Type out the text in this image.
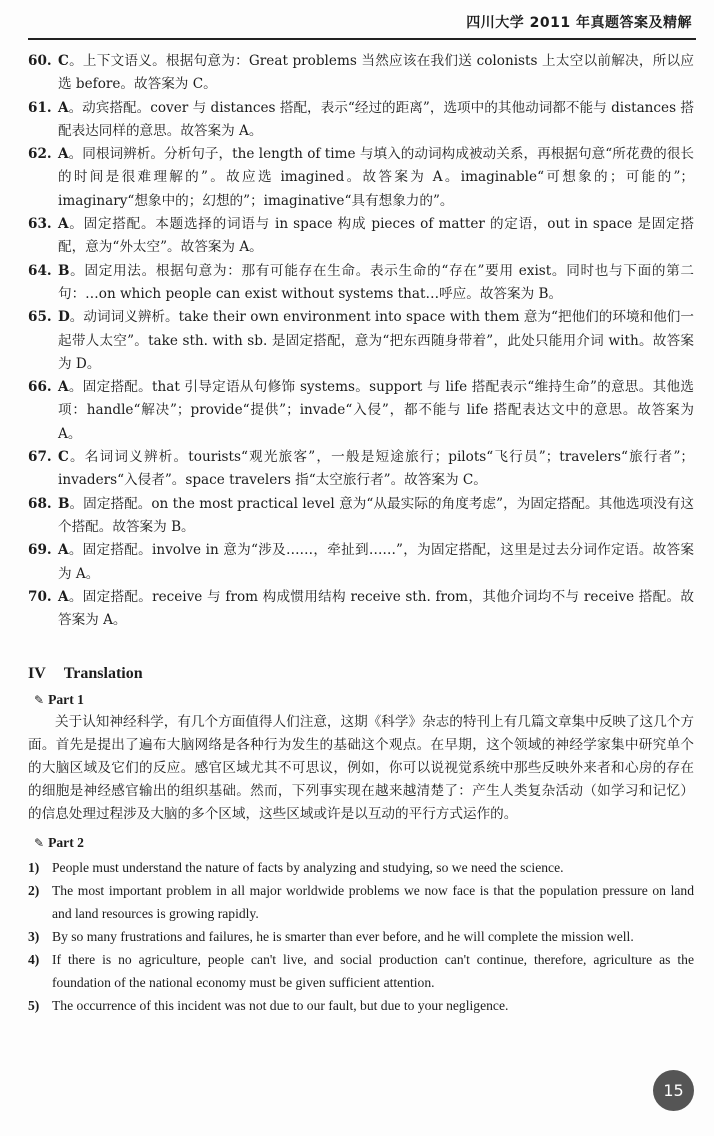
四川大学 2011 年真题答案及精解
60. C。上下文语义。根据句意为：Great problems 当然应该在我们送 colonists 上太空以前解决，所以应选 before。故答案为 C。
61. A。动宾搭配。cover 与 distances 搭配，表示“经过的距离”，选项中的其他动词都不能与 distances 搭配表达同样的意思。故答案为 A。
62. A。同根词辨析。分析句子，the length of time 与填入的动词构成被动关系，再根据句意“所花费的很长的时间是很难理解的”。故应选 imagined。故答案为 A。imaginable“可想象的；可能的”；imaginary“想象中的；幻想的”；imaginative“具有想象力的”。
63. A。固定搭配。本题选择的词语与 in space 构成 pieces of matter 的定语，out in space 是固定搭配，意为“外太空”。故答案为 A。
64. B。固定用法。根据句意为：那有可能存在生命。表示生命的“存在”要用 exist。同时也与下面的第二句：…on which people can exist without systems that…呼应。故答案为 B。
65. D。动词词义辨析。take their own environment into space with them 意为“把他们的环境和他们一起带人太空”。take sth. with sb. 是固定搭配，意为“把东西随身带着”，此处只能用介词 with。故答案为 D。
66. A。固定搭配。that 引导定语从句修饰 systems。support 与 life 搭配表示“维持生命”的意思。其他选项：handle“解决”；provide“提供”；invade“入侵”，都不能与 life 搭配表达文中的意思。故答案为 A。
67. C。名词词义辨析。tourists“观光旅客”，一般是短途旅行；pilots“飞行员”；travelers“旅行者”；invaders“入侵者”。space travelers 指“太空旅行者”。故答案为 C。
68. B。固定搭配。on the most practical level 意为“从最实际的角度考虑”，为固定搭配。其他选项没有这个搭配。故答案为 B。
69. A。固定搭配。involve in 意为“涉及……，牵扯到……”，为固定搭配，这里是过去分词作定语。故答案为 A。
70. A。固定搭配。receive 与 from 构成惯用结构 receive sth. from，其他介词均不与 receive 搭配。故答案为 A。
IV Translation
✎ Part 1
关于认知神经科学，有几个方面值得人们注意，这期《科学》杂志的特刊上有几篇文章集中反映了这几个方面。首先是提出了遍布大脑网络是各种行为发生的基础这个观点。在早期，这个领域的神经学家集中研究单个的大脑区域及它们的反应。感官区域尤其不可思议，例如，你可以说视觉系统中那些反映外来者和心房的存在的细胞是神经感官输出的组织基础。然而，下列事实现在越来越清楚了：产生人类复杂活动（如学习和记忆）的信息处理过程涉及大脑的多个区域，这些区域或许是以互动的平行方式运作的。
✎ Part 2
1) People must understand the nature of facts by analyzing and studying, so we need the science.
2) The most important problem in all major worldwide problems we now face is that the population pressure on land and land resources is growing rapidly.
3) By so many frustrations and failures, he is smarter than ever before, and he will complete the mission well.
4) If there is no agriculture, people can't live, and social production can't continue, therefore, agriculture as the foundation of the national economy must be given sufficient attention.
5) The occurrence of this incident was not due to our fault, but due to your negligence.
15
